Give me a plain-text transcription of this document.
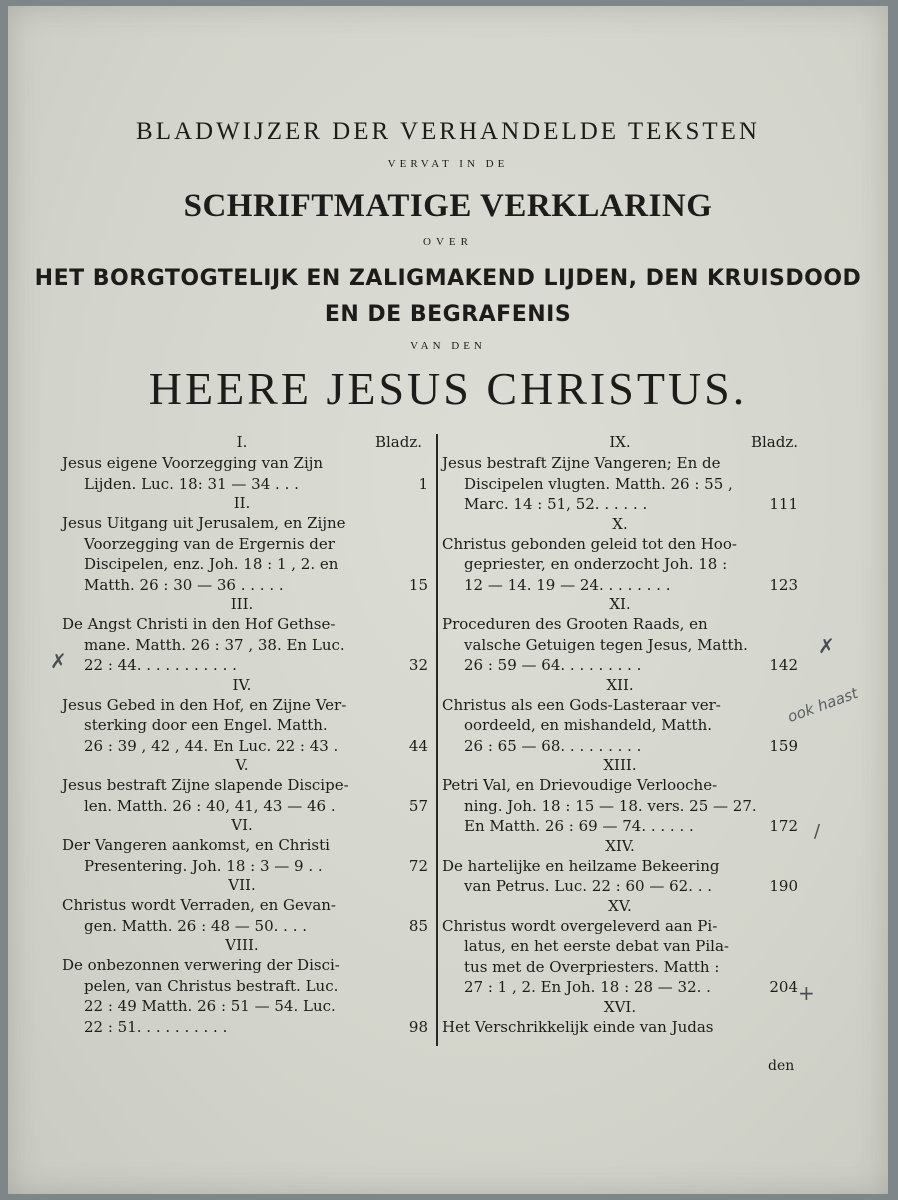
BLADWIJZER DER VERHANDELDE TEKSTEN
VERVAT IN DE
SCHRIFTMATIGE VERKLARING
OVER
HET BORGTOGTELIJK EN ZALIGMAKEND LIJDEN, DEN KRUISDOOD
EN DE BEGRAFENIS
VAN DEN
HEERE JESUS CHRISTUS.
I.	Bladz.
Jesus eigene Voorzegging van Zijn
Lijden. Luc. 18: 31 — 34 . . .	1
II.
Jesus Uitgang uit Jerusalem, en Zijne
Voorzegging van de Ergernis der
Discipelen, enz. Joh. 18 : 1 , 2. en
Matth. 26 : 30 — 36 . . . . .	15
III.
De Angst Christi in den Hof Gethse-
mane. Matth. 26 : 37 , 38. En Luc.
22 : 44. . . . . . . . . . .	32
IV.
Jesus Gebed in den Hof, en Zijne Ver-
sterking door een Engel. Matth.
26 : 39 , 42 , 44. En Luc. 22 : 43 .	44
V.
Jesus bestraft Zijne slapende Discipe-
len. Matth. 26 : 40, 41, 43 — 46 .	57
VI.
Der Vangeren aankomst, en Christi
Presentering. Joh. 18 : 3 — 9 . .	72
VII.
Christus wordt Verraden, en Gevan-
gen. Matth. 26 : 48 — 50. . . .	85
VIII.
De onbezonnen verwering der Disci-
pelen, van Christus bestraft. Luc.
22 : 49 Matth. 26 : 51 — 54. Luc.
22 : 51. . . . . . . . . .	98
IX.	Bladz.
Jesus bestraft Zijne Vangeren; En de
Discipelen vlugten. Matth. 26 : 55 ,
Marc. 14 : 51, 52. . . . . .	111
X.
Christus gebonden geleid tot den Hoo-
gepriester, en onderzocht Joh. 18 :
12 — 14. 19 — 24. . . . . . . .	123
XI.
Proceduren des Grooten Raads, en
valsche Getuigen tegen Jesus, Matth.
26 : 59 — 64. . . . . . . . .	142
XII.
Christus als een Gods-Lasteraar ver-
oordeeld, en mishandeld, Matth.
26 : 65 — 68. . . . . . . . .	159
XIII.
Petri Val, en Drievoudige Verlooche-
ning. Joh. 18 : 15 — 18. vers. 25 — 27.
En Matth. 26 : 69 — 74. . . . . .	172
XIV.
De hartelijke en heilzame Bekeering
van Petrus. Luc. 22 : 60 — 62. . .	190
XV.
Christus wordt overgeleverd aan Pi-
latus, en het eerste debat van Pila-
tus met de Overpriesters. Matth :
27 : 1 , 2. En Joh. 18 : 28 — 32. .	204
XVI.
Het Verschrikkelijk einde van Judas
den
✗
✗
ook haast
/
+
